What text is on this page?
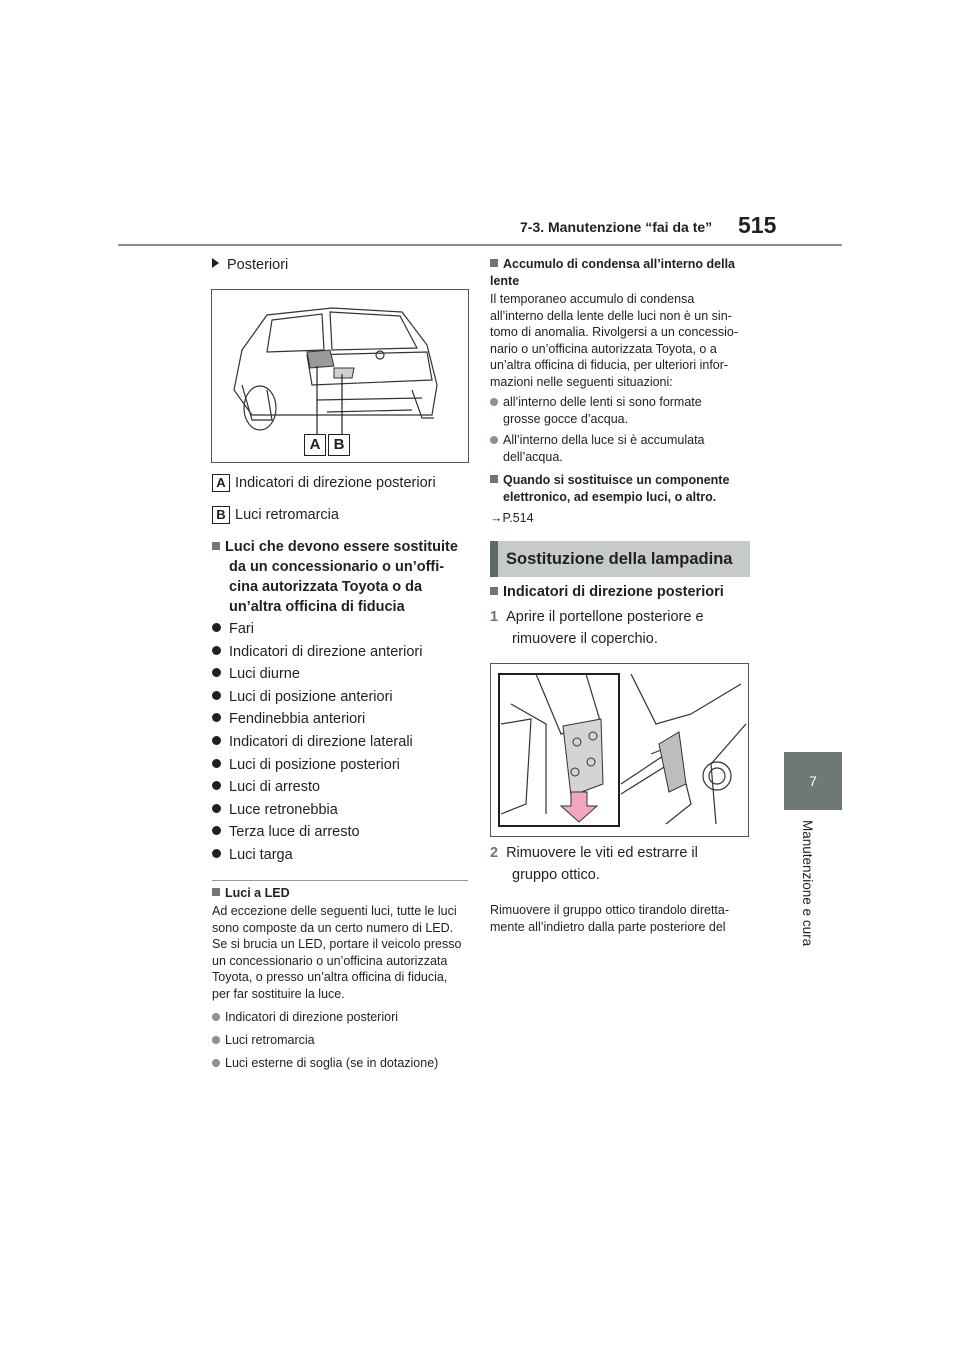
7-3. Manutenzione “fai da te” 515
7
Manutenzione e cura
Posteriori
A B
A Indicatori di direzione posteriori
B Luci retromarcia
Luci che devono essere sostituite
da un concessionario o un’offi-
cina autorizzata Toyota o da
un’altra officina di fiducia
Fari
Indicatori di direzione anteriori
Luci diurne
Luci di posizione anteriori
Fendinebbia anteriori
Indicatori di direzione laterali
Luci di posizione posteriori
Luci di arresto
Luce retronebbia
Terza luce di arresto
Luci targa
Luci a LED
Ad eccezione delle seguenti luci, tutte le luci
sono composte da un certo numero di LED.
Se si brucia un LED, portare il veicolo presso
un concessionario o un’officina autorizzata
Toyota, o presso un’altra officina di fiducia,
per far sostituire la luce.
Indicatori di direzione posteriori
Luci retromarcia
Luci esterne di soglia (se in dotazione)
Accumulo di condensa all’interno della
lente
Il temporaneo accumulo di condensa
all’interno della lente delle luci non è un sin-
tomo di anomalia. Rivolgersi a un concessio-
nario o un’officina autorizzata Toyota, o a
un’altra officina di fiducia, per ulteriori infor-
mazioni nelle seguenti situazioni:
all’interno delle lenti si sono formate
grosse gocce d’acqua.
All’interno della luce si è accumulata
dell’acqua.
Quando si sostituisce un componente
elettronico, ad esempio luci, o altro.
→P.514
Sostituzione della lampadina
Indicatori di direzione posteriori
1 Aprire il portellone posteriore e
rimuovere il coperchio.
2 Rimuovere le viti ed estrarre il
gruppo ottico.
Rimuovere il gruppo ottico tirandolo diretta-
mente all’indietro dalla parte posteriore del
